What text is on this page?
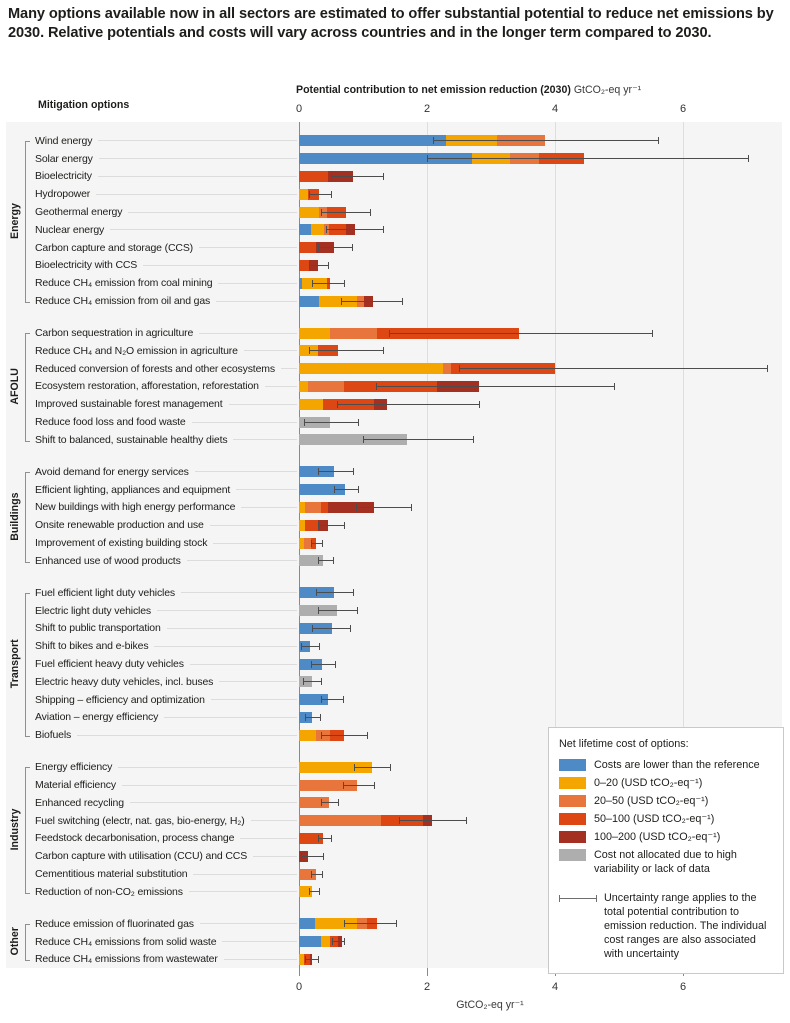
Many options available now in all sectors are estimated to offer substantial potential to reduce net emissions by 2030. Relative potentials and costs will vary across countries and in the longer term compared to 2030.
Mitigation options
Potential contribution to net emission reduction (2030) GtCO₂-eq yr⁻¹
0	2	4	6
Energy
Wind energy
Solar energy
Bioelectricity
Hydropower
Geothermal energy
Nuclear energy
Carbon capture and storage (CCS)
Bioelectricity with CCS
Reduce CH₄ emission from coal mining
Reduce CH₄ emission from oil and gas
AFOLU
Carbon sequestration in agriculture
Reduce CH₄ and N₂O emission in agriculture
Reduced conversion of forests and other ecosystems
Ecosystem restoration, afforestation, reforestation
Improved sustainable forest management
Reduce food loss and food waste
Shift to balanced, sustainable healthy diets
Buildings
Avoid demand for energy services
Efficient lighting, appliances and equipment
New buildings with high energy performance
Onsite renewable production and use
Improvement of existing building stock
Enhanced use of wood products
Transport
Fuel efficient light duty vehicles
Electric light duty vehicles
Shift to public transportation
Shift to bikes and e-bikes
Fuel efficient heavy duty vehicles
Electric heavy duty vehicles, incl. buses
Shipping – efficiency and optimization
Aviation – energy efficiency
Biofuels
Industry
Energy efficiency
Material efficiency
Enhanced recycling
Fuel switching (electr, nat. gas, bio-energy, H₂)
Feedstock decarbonisation, process change
Carbon capture with utilisation (CCU) and CCS
Cementitious material substitution
Reduction of non-CO₂ emissions
Other
Reduce emission of fluorinated gas
Reduce CH₄ emissions from solid waste
Reduce CH₄ emissions from wastewater
0	2	4	6
GtCO₂-eq yr⁻¹
Net lifetime cost of options:
Costs are lower than the reference
0–20 (USD tCO₂-eq⁻¹)
20–50 (USD tCO₂-eq⁻¹)
50–100 (USD tCO₂-eq⁻¹)
100–200 (USD tCO₂-eq⁻¹)
Cost not allocated due to high variability or lack of data
Uncertainty range applies to the total potential contribution to emission reduction. The individual cost ranges are also associated with uncertainty
